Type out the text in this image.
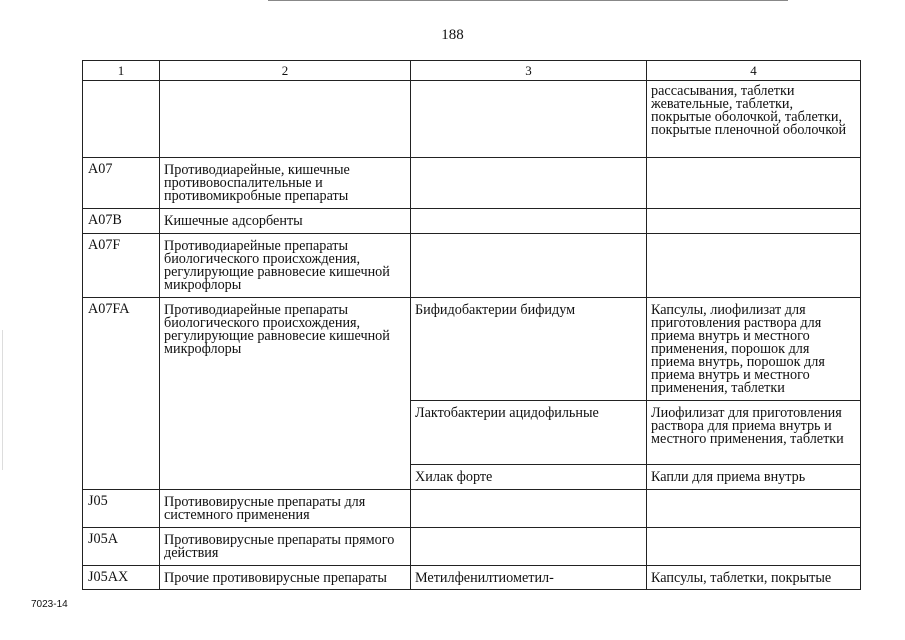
188
1	2	3	4
			рассасывания, таблетки жевательные, таблетки, покрытые оболочкой, таблетки, покрытые пленочной оболочкой
A07	Противодиарейные, кишечные противовоспалительные и противомикробные препараты		
A07B	Кишечные адсорбенты		
A07F	Противодиарейные препараты биологического происхождения, регулирующие равновесие кишечной микрофлоры		
A07FA	Противодиарейные препараты биологического происхождения, регулирующие равновесие кишечной микрофлоры	Бифидобактерии бифидум	Капсулы, лиофилизат для приготовления раствора для приема внутрь и местного применения, порошок для приема внутрь, порошок для приема внутрь и местного применения, таблетки
		Лактобактерии ацидофильные	Лиофилизат для приготовления раствора для приема внутрь и местного применения, таблетки
		Хилак форте	Капли для приема внутрь
J05	Противовирусные препараты для системного применения		
J05A	Противовирусные препараты прямого действия		
J05AX	Прочие противовирусные препараты	Метилфенилтиометил-	Капсулы, таблетки, покрытые
7023-14
